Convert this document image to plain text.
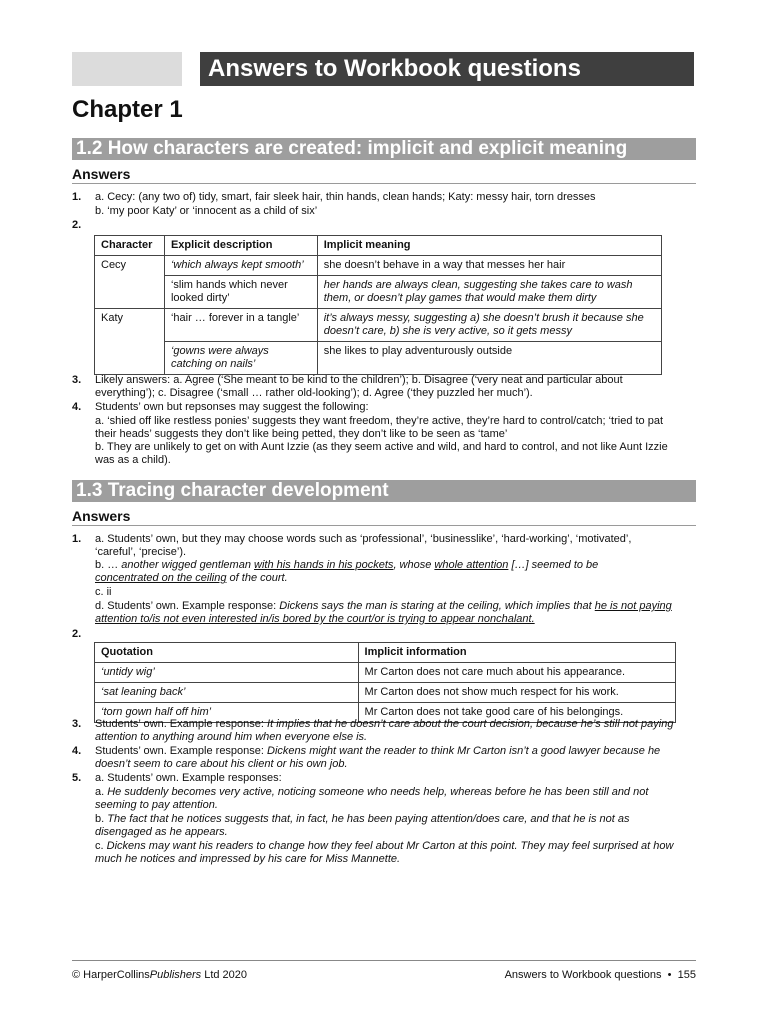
Answers to Workbook questions
Chapter 1
1.2 How characters are created: implicit and explicit meaning
Answers
1. a. Cecy: (any two of) tidy, smart, fair sleek hair, thin hands, clean hands; Katy: messy hair, torn dresses
b. ‘my poor Katy’ or ‘innocent as a child of six’
2.
Character	Explicit description	Implicit meaning
Cecy	‘which always kept smooth’	she doesn’t behave in a way that messes her hair
	‘slim hands which never looked dirty’	her hands are always clean, suggesting she takes care to wash them, or doesn’t play games that would make them dirty
Katy	‘hair … forever in a tangle’	it’s always messy, suggesting a) she doesn’t brush it because she doesn’t care, b) she is very active, so it gets messy
	‘gowns were always catching on nails’	she likes to play adventurously outside
3. Likely answers: a. Agree (‘She meant to be kind to the children’); b. Disagree (‘very neat and particular about everything’); c. Disagree (‘small … rather old-looking’); d. Agree (‘they puzzled her much’).
4. Students’ own but repsonses may suggest the following:
a. ‘shied off like restless ponies’ suggests they want freedom, they’re active, they’re hard to control/catch; ‘tried to pat their heads’ suggests they don’t like being petted, they don’t like to be seen as ‘tame’
b. They are unlikely to get on with Aunt Izzie (as they seem active and wild, and hard to control, and not like Aunt Izzie was as a child).
1.3 Tracing character development
Answers
1. a. Students’ own, but they may choose words such as ‘professional’, ‘businesslike’, ‘hard-working’, ‘motivated’, ‘careful’, ‘precise’).
b. … another wigged gentleman with his hands in his pockets, whose whole attention […] seemed to be concentrated on the ceiling of the court.
c. ii
d. Students’ own. Example response: Dickens says the man is staring at the ceiling, which implies that he is not paying attention to/is not even interested in/is bored by the court/or is trying to appear nonchalant.
2.
Quotation	Implicit information
‘untidy wig’	Mr Carton does not care much about his appearance.
‘sat leaning back’	Mr Carton does not show much respect for his work.
‘torn gown half off him’	Mr Carton does not take good care of his belongings.
3. Students’ own. Example response: It implies that he doesn’t care about the court decision, because he’s still not paying attention to anything around him when everyone else is.
4. Students’ own. Example response: Dickens might want the reader to think Mr Carton isn’t a good lawyer because he doesn’t seem to care about his client or his own job.
5. a. Students’ own. Example responses:
a. He suddenly becomes very active, noticing someone who needs help, whereas before he has been still and not seeming to pay attention.
b. The fact that he notices suggests that, in fact, he has been paying attention/does care, and that he is not as disengaged as he appears.
c. Dickens may want his readers to change how they feel about Mr Carton at this point. They may feel surprised at how much he notices and impressed by his care for Miss Mannette.
© HarperCollinsPublishers Ltd 2020	Answers to Workbook questions • 155
